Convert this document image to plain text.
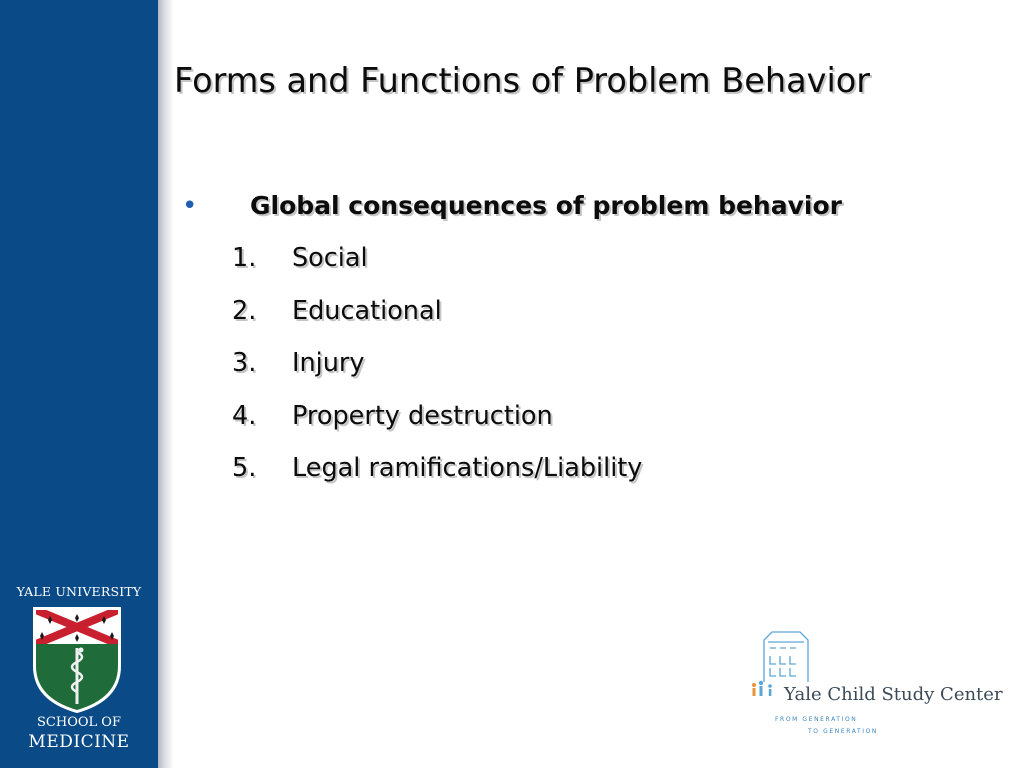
YALE UNIVERSITY
SCHOOL OF
MEDICINE
Forms and Functions of Problem Behavior
• Global consequences of problem behavior
1. Social
2. Educational
3. Injury
4. Property destruction
5. Legal ramifications/Liability
Yale Child Study Center
FROM GENERATION
TO GENERATION
